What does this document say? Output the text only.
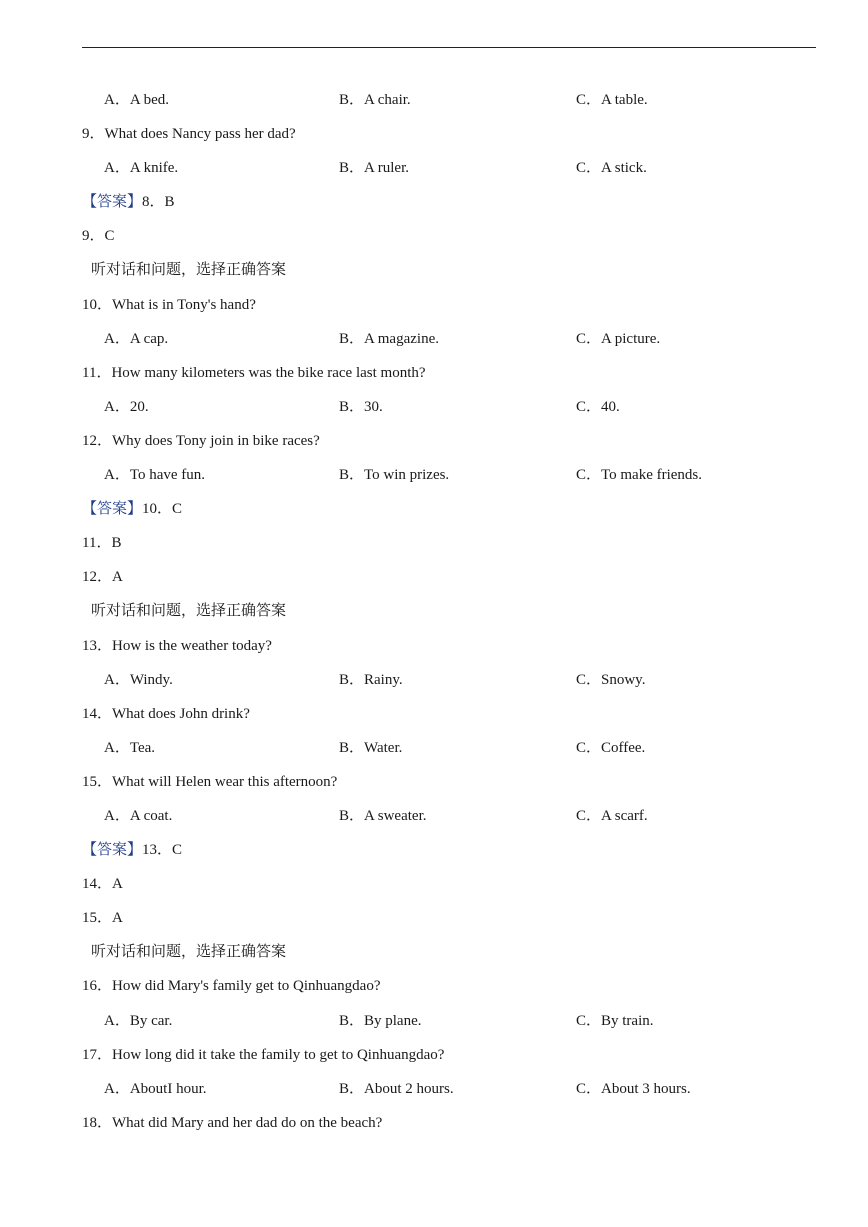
A．A bed.	B．A chair.	C．A table.
9．What does Nancy pass her dad?
A．A knife.	B．A ruler.	C．A stick.
【答案】8．B
9．C
听对话和问题，选择正确答案
10．What is in Tony's hand?
A．A cap.	B．A magazine.	C．A picture.
11．How many kilometers was the bike race last month?
A．20.	B．30.	C．40.
12．Why does Tony join in bike races?
A．To have fun.	B．To win prizes.	C．To make friends.
【答案】10．C
11．B
12．A
听对话和问题，选择正确答案
13．How is the weather today?
A．Windy.	B．Rainy.	C．Snowy.
14．What does John drink?
A．Tea.	B．Water.	C．Coffee.
15．What will Helen wear this afternoon?
A．A coat.	B．A sweater.	C．A scarf.
【答案】13．C
14．A
15．A
听对话和问题，选择正确答案
16．How did Mary's family get to Qinhuangdao?
A．By car.	B．By plane.	C．By train.
17．How long did it take the family to get to Qinhuangdao?
A．AboutI hour.	B．About 2 hours.	C．About 3 hours.
18．What did Mary and her dad do on the beach?
